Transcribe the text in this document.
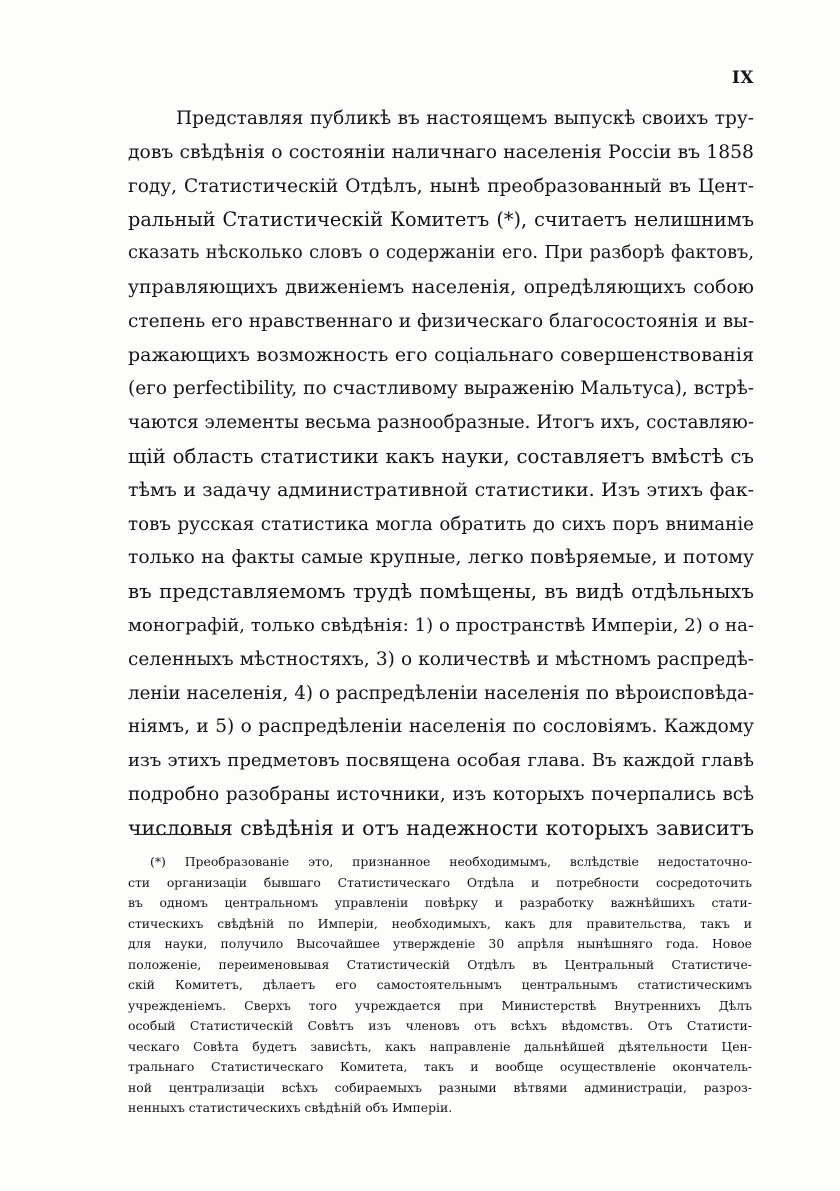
IX
Представляя публикѣ въ настоящемъ выпускѣ своихъ тру-
довъ свѣдѣнія о состояніи наличнаго населенія Россіи въ 1858
году, Статистическій Отдѣлъ, нынѣ преобразованный въ Цент-
ральный Статистическій Комитетъ (*), считаетъ нелишнимъ
сказать нѣсколько словъ о содержаніи его. При разборѣ фактовъ,
управляющихъ движеніемъ населенія, опредѣляющихъ собою
степень его нравственнаго и физическаго благосостоянія и вы-
ражающихъ возможность его соціальнаго совершенствованія
(его perfectibility, по счастливому выраженію Мальтуса), встрѣ-
чаются элементы весьма разнообразные. Итогъ ихъ, составляю-
щій область статистики какъ науки, составляетъ вмѣстѣ съ
тѣмъ и задачу административной статистики. Изъ этихъ фак-
товъ русская статистика могла обратить до сихъ поръ вниманіе
только на факты самые крупные, легко повѣряемые, и потому
въ представляемомъ трудѣ помѣщены, въ видѣ отдѣльныхъ
монографій, только свѣдѣнія: 1) о пространствѣ Имперіи, 2) о на-
селенныхъ мѣстностяхъ, 3) о количествѣ и мѣстномъ распредѣ-
леніи населенія, 4) о распредѣленіи населенія по вѣроисповѣда-
ніямъ, и 5) о распредѣленіи населенія по сословіямъ. Каждому
изъ этихъ предметовъ посвящена особая глава. Въ каждой главѣ
подробно разобраны источники, изъ которыхъ почерпались всѣ
числовыя свѣдѣнія и отъ надежности которыхъ зависитъ
(*) Преобразованіе это, признанное необходимымъ, вслѣдствіе недостаточно-
сти организаціи бывшаго Статистическаго Отдѣла и потребности сосредоточить
въ одномъ центральномъ управленіи повѣрку и разработку важнѣйшихъ стати-
стическихъ свѣдѣній по Имперіи, необходимыхъ, какъ для правительства, такъ и
для науки, получило Высочайшее утвержденіе 30 апрѣля нынѣшняго года. Новое
положеніе, переименовывая Статистическій Отдѣлъ въ Центральный Статистиче-
скій Комитетъ, дѣлаетъ его самостоятельнымъ центральнымъ статистическимъ
учрежденіемъ. Сверхъ того учреждается при Министерствѣ Внутреннихъ Дѣлъ
особый Статистическій Совѣтъ изъ членовъ отъ всѣхъ вѣдомствъ. Отъ Статисти-
ческаго Совѣта будетъ зависѣть, какъ направленіе дальнѣйшей дѣятельности Цен-
тральнаго Статистическаго Комитета, такъ и вообще осуществленіе окончатель-
ной централизаціи всѣхъ собираемыхъ разными вѣтвями администраціи, разроз-
ненныхъ статистическихъ свѣдѣній объ Имперіи.
